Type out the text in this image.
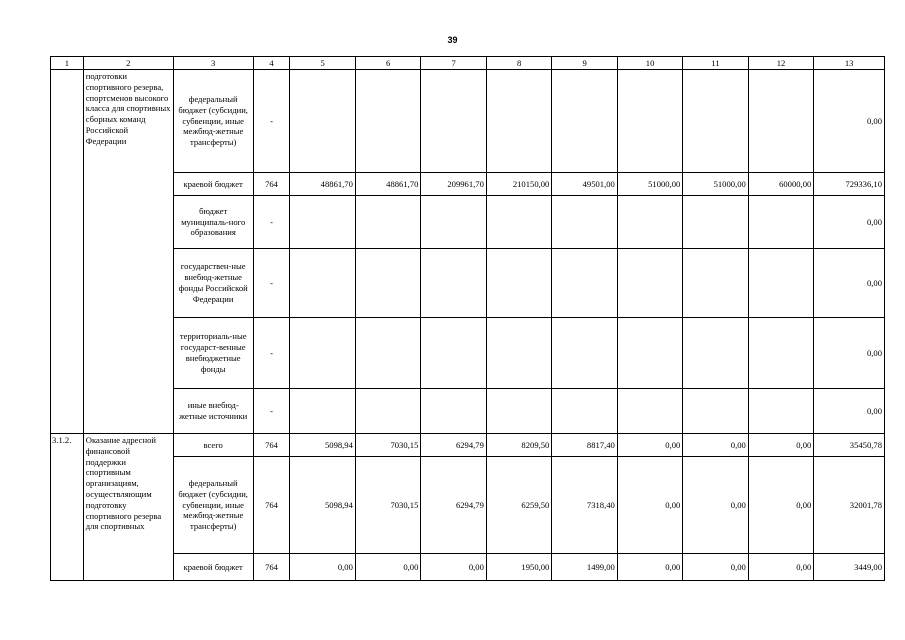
39
1	2	3	4	5	6	7	8	9	10	11	12	13
	подготовки спортивного резерва, спортсменов высокого класса для спортивных сборных команд Российской Федерации	федеральный бюджет (субсидии, субвенции, иные межбюд-жетные трансферты)	-									0,00
		краевой бюджет	764	48861,70	48861,70	209961,70	210150,00	49501,00	51000,00	51000,00	60000,00	729336,10
		бюджет муниципаль-ного образования	-									0,00
		государствен-ные внебюд-жетные фонды Российской Федерации	-									0,00
		территориаль-ные государст-венные внебюджетные фонды	-									0,00
		иные внебюд-жетные источники	-									0,00
3.1.2.	Оказание адресной финансовой поддержки спортивным организациям, осуществляющим подготовку спортивного резерва для спортивных	всего	764	5098,94	7030,15	6294,79	8209,50	8817,40	0,00	0,00	0,00	35450,78
		федеральный бюджет (субсидии, субвенции, иные межбюд-жетные трансферты)	764	5098,94	7030,15	6294,79	6259,50	7318,40	0,00	0,00	0,00	32001,78
		краевой бюджет	764	0,00	0,00	0,00	1950,00	1499,00	0,00	0,00	0,00	3449,00
